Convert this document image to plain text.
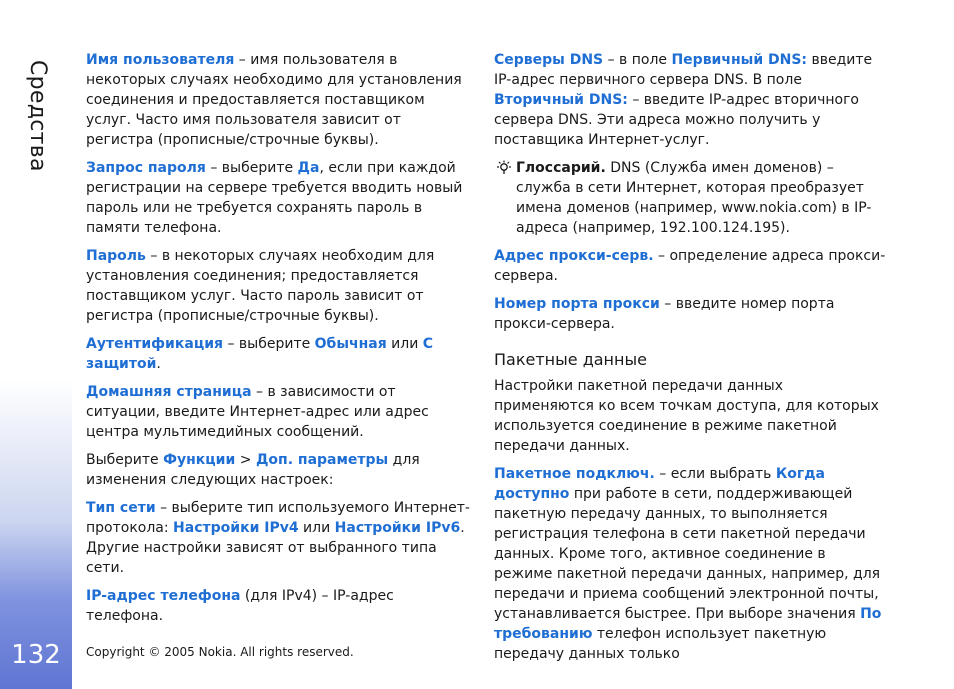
Средства
132

Имя пользователя – имя пользователя в некоторых случаях необходимо для установления соединения и предоставляется поставщиком услуг. Часто имя пользователя зависит от регистра (прописные/строчные буквы).

Запрос пароля – выберите Да, если при каждой регистрации на сервере требуется вводить новый пароль или не требуется сохранять пароль в памяти телефона.

Пароль – в некоторых случаях необходим для установления соединения; предоставляется поставщиком услуг. Часто пароль зависит от регистра (прописные/строчные буквы).

Аутентификация – выберите Обычная или С защитой.

Домашняя страница – в зависимости от ситуации, введите Интернет-адрес или адрес центра мультимедийных сообщений.

Выберите Функции > Доп. параметры для изменения следующих настроек:

Тип сети – выберите тип используемого Интернет-протокола: Настройки IPv4 или Настройки IPv6. Другие настройки зависят от выбранного типа сети.

IP-адрес телефона (для IPv4) – IP-адрес телефона.

Серверы DNS – в поле Первичный DNS: введите IP-адрес первичного сервера DNS. В поле Вторичный DNS: – введите IP-адрес вторичного сервера DNS. Эти адреса можно получить у поставщика Интернет-услуг.

Глоссарий. DNS (Служба имен доменов) – служба в сети Интернет, которая преобразует имена доменов (например, www.nokia.com) в IP-адреса (например, 192.100.124.195).

Адрес прокси-серв. – определение адреса прокси-сервера.

Номер порта прокси – введите номер порта прокси-сервера.

Пакетные данные

Настройки пакетной передачи данных применяются ко всем точкам доступа, для которых используется соединение в режиме пакетной передачи данных.

Пакетное подключ. – если выбрать Когда доступно при работе в сети, поддерживающей пакетную передачу данных, то выполняется регистрация телефона в сети пакетной передачи данных. Кроме того, активное соединение в режиме пакетной передачи данных, например, для передачи и приема сообщений электронной почты, устанавливается быстрее. При выборе значения По требованию телефон использует пакетную передачу данных только

Copyright © 2005 Nokia. All rights reserved.
